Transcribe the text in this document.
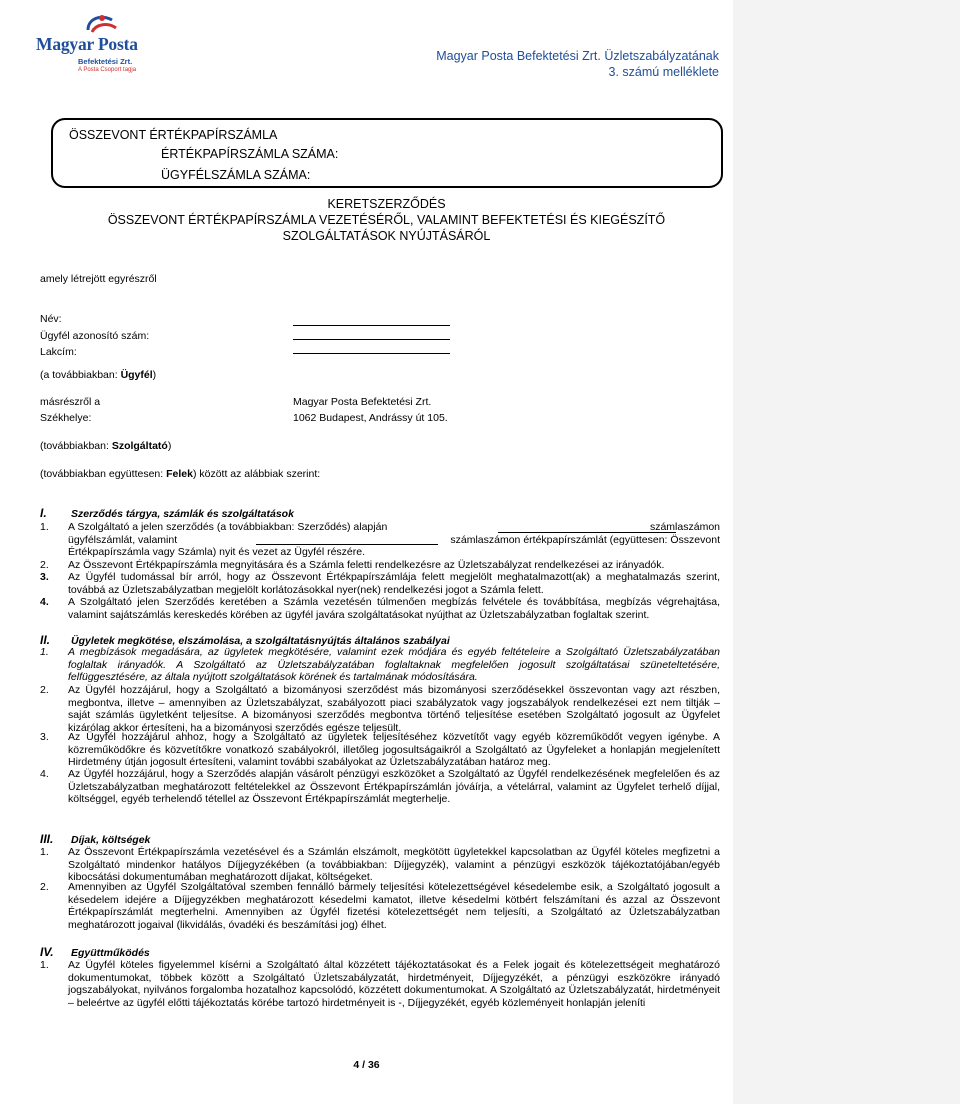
Magyar Posta
Befektetési Zrt.
A Posta Csoport tagja
Magyar Posta Befektetési Zrt. Üzletszabályzatának
3. számú melléklete
ÖSSZEVONT ÉRTÉKPAPÍRSZÁMLA
ÉRTÉKPAPÍRSZÁMLA SZÁMA:
ÜGYFÉLSZÁMLA SZÁMA:
KERETSZERZŐDÉS
ÖSSZEVONT ÉRTÉKPAPÍRSZÁMLA VEZETÉSÉRŐL, VALAMINT BEFEKTETÉSI ÉS KIEGÉSZÍTŐ
SZOLGÁLTATÁSOK NYÚJTÁSÁRÓL
amely létrejött egyrészről
Név:
Ügyfél azonosító szám:
Lakcím:
(a továbbiakban: Ügyfél)
másrészről a	Magyar Posta Befektetési Zrt.
Székhelye:	1062 Budapest, Andrássy út 105.
(továbbiakban: Szolgáltató)
(továbbiakban együttesen: Felek) között az alábbiak szerint:
I. Szerződés tárgya, számlák és szolgáltatások
1. A Szolgáltató a jelen szerződés (a továbbiakban: Szerződés) alapján	számlaszámon
ügyfélszámlát, valamint	számlaszámon értékpapírszámlát (együttesen: Összevont
Értékpapírszámla vagy Számla) nyit és vezet az Ügyfél részére.
2. Az Összevont Értékpapírszámla megnyitására és a Számla feletti rendelkezésre az Üzletszabályzat rendelkezései az irányadók.
3. Az Ügyfél tudomással bír arról, hogy az Összevont Értékpapírszámlája felett megjelölt meghatalmazott(ak) a meghatalmazás szerint, továbbá az Üzletszabályzatban megjelölt korlátozásokkal nyer(nek) rendelkezési jogot a Számla felett.
4. A Szolgáltató jelen Szerződés keretében a Számla vezetésén túlmenően megbízás felvétele és továbbítása, megbízás végrehajtása, valamint sajátszámlás kereskedés körében az ügyfél javára szolgáltatásokat nyújthat az Üzletszabályzatban foglaltak szerint.
II. Ügyletek megkötése, elszámolása, a szolgáltatásnyújtás általános szabályai
1. A megbízások megadására, az ügyletek megkötésére, valamint ezek módjára és egyéb feltételeire a Szolgáltató Üzletszabályzatában foglaltak irányadók. A Szolgáltató az Üzletszabályzatában foglaltaknak megfelelően jogosult szolgáltatásai szüneteltetésére, felfüggesztésére, az általa nyújtott szolgáltatások körének és tartalmának módosítására.
2. Az Ügyfél hozzájárul, hogy a Szolgáltató a bizományosi szerződést más bizományosi szerződésekkel összevontan vagy azt részben, megbontva, illetve – amennyiben az Üzletszabályzat, szabályozott piaci szabályzatok vagy jogszabályok rendelkezései ezt nem tiltják – saját számlás ügyletként teljesítse. A bizományosi szerződés megbontva történő teljesítése esetében Szolgáltató jogosult az Ügyfelet kizárólag akkor értesíteni, ha a bizományosi szerződés egésze teljesült.
3. Az Ügyfél hozzájárul ahhoz, hogy a Szolgáltató az ügyletek teljesítéséhez közvetítőt vagy egyéb közreműködőt vegyen igénybe. A közreműködőkre és közvetítőkre vonatkozó szabályokról, illetőleg jogosultságaikról a Szolgáltató az Ügyfeleket a honlapján megjelenített Hirdetmény útján jogosult értesíteni, valamint további szabályokat az Üzletszabályzatában határoz meg.
4. Az Ügyfél hozzájárul, hogy a Szerződés alapján vásárolt pénzügyi eszközöket a Szolgáltató az Ügyfél rendelkezésének megfelelően és az Üzletszabályzatban meghatározott feltételekkel az Összevont Értékpapírszámlán jóváírja, a vételárral, valamint az Ügyfelet terhelő díjjal, költséggel, egyéb terhelendő tétellel az Összevont Értékpapírszámlát megterhelje.
III. Díjak, költségek
1. Az Összevont Értékpapírszámla vezetésével és a Számlán elszámolt, megkötött ügyletekkel kapcsolatban az Ügyfél köteles megfizetni a Szolgáltató mindenkor hatályos Díjjegyzékében (a továbbiakban: Díjjegyzék), valamint a pénzügyi eszközök tájékoztatójában/egyéb kibocsátási dokumentumában meghatározott díjakat, költségeket.
2. Amennyiben az Ügyfél Szolgáltatóval szemben fennálló bármely teljesítési kötelezettségével késedelembe esik, a Szolgáltató jogosult a késedelem idejére a Díjjegyzékben meghatározott késedelmi kamatot, illetve késedelmi kötbért felszámítani és azzal az Összevont Értékpapírszámlát megterhelni. Amennyiben az Ügyfél fizetési kötelezettségét nem teljesíti, a Szolgáltató az Üzletszabályzatban meghatározott jogaival (likvidálás, óvadéki és beszámítási jog) élhet.
IV. Együttműködés
1. Az Ügyfél köteles figyelemmel kísérni a Szolgáltató által közzétett tájékoztatásokat és a Felek jogait és kötelezettségeit meghatározó dokumentumokat, többek között a Szolgáltató Üzletszabályzatát, hirdetményeit, Díjjegyzékét, a pénzügyi eszközökre irányadó jogszabályokat, nyilvános forgalomba hozatalhoz kapcsolódó, közzétett dokumentumokat. A Szolgáltató az Üzletszabályzatát, hirdetményeit – beleértve az ügyfél előtti tájékoztatás körébe tartozó hirdetményeit is -, Díjjegyzékét, egyéb közleményeit honlapján jeleníti
4 / 36
